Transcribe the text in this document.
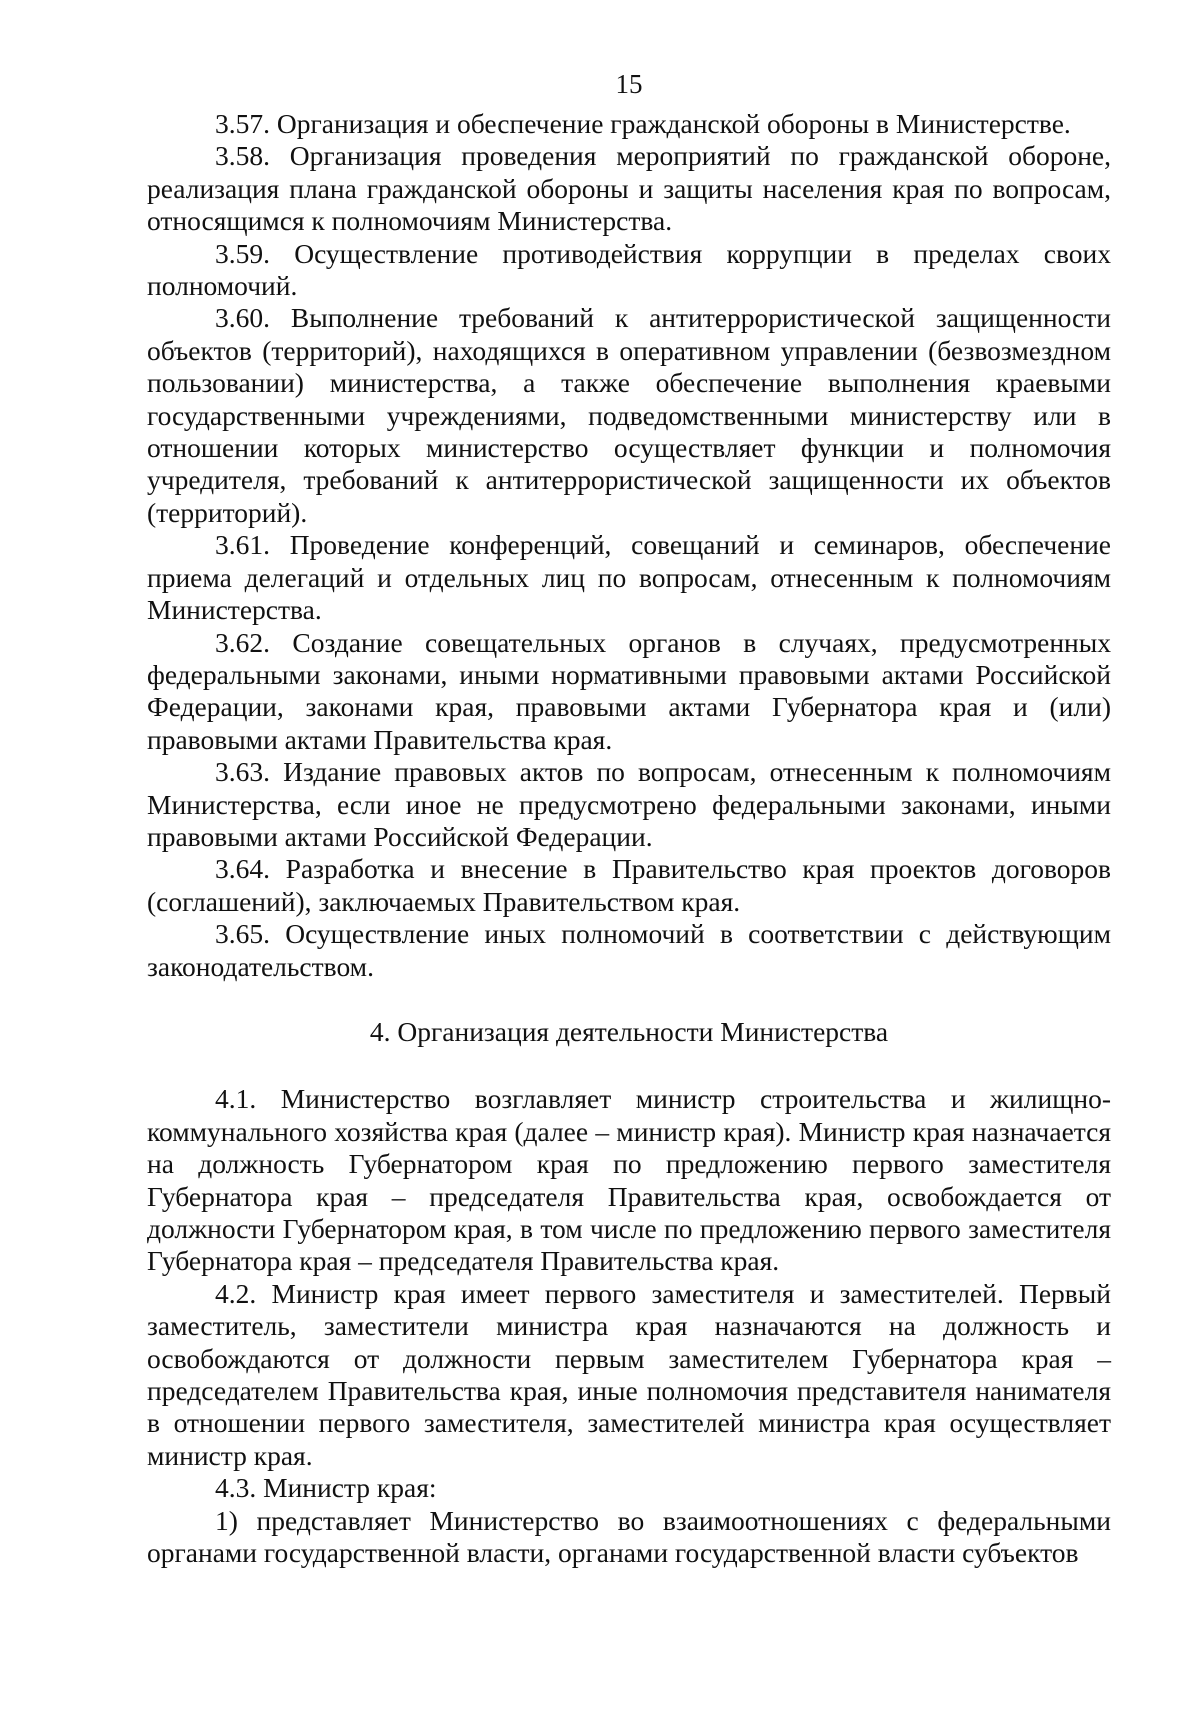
15

3.57. Организация и обеспечение гражданской обороны в Министерстве.

3.58. Организация проведения мероприятий по гражданской обороне, реализация плана гражданской обороны и защиты населения края по вопросам, относящимся к полномочиям Министерства.

3.59. Осуществление противодействия коррупции в пределах своих полномочий.

3.60. Выполнение требований к антитеррористической защищенности объектов (территорий), находящихся в оперативном управлении (безвозмездном пользовании) министерства, а также обеспечение выполнения краевыми государственными учреждениями, подведомственными министерству или в отношении которых министерство осуществляет функции и полномочия учредителя, требований к антитеррористической защищенности их объектов (территорий).

3.61. Проведение конференций, совещаний и семинаров, обеспечение приема делегаций и отдельных лиц по вопросам, отнесенным к полномочиям Министерства.

3.62. Создание совещательных органов в случаях, предусмотренных федеральными законами, иными нормативными правовыми актами Российской Федерации, законами края, правовыми актами Губернатора края и (или) правовыми актами Правительства края.

3.63. Издание правовых актов по вопросам, отнесенным к полномочиям Министерства, если иное не предусмотрено федеральными законами, иными правовыми актами Российской Федерации.

3.64. Разработка и внесение в Правительство края проектов договоров (соглашений), заключаемых Правительством края.

3.65. Осуществление иных полномочий в соответствии с действующим законодательством.

4. Организация деятельности Министерства

4.1. Министерство возглавляет министр строительства и жилищно-коммунального хозяйства края (далее – министр края). Министр края назначается на должность Губернатором края по предложению первого заместителя Губернатора края – председателя Правительства края, освобождается от должности Губернатором края, в том числе по предложению первого заместителя Губернатора края – председателя Правительства края.

4.2. Министр края имеет первого заместителя и заместителей. Первый заместитель, заместители министра края назначаются на должность и освобождаются от должности первым заместителем Губернатора края – председателем Правительства края, иные полномочия представителя нанимателя в отношении первого заместителя, заместителей министра края осуществляет министр края.

4.3. Министр края:

1) представляет Министерство во взаимоотношениях с федеральными органами государственной власти, органами государственной власти субъектов
